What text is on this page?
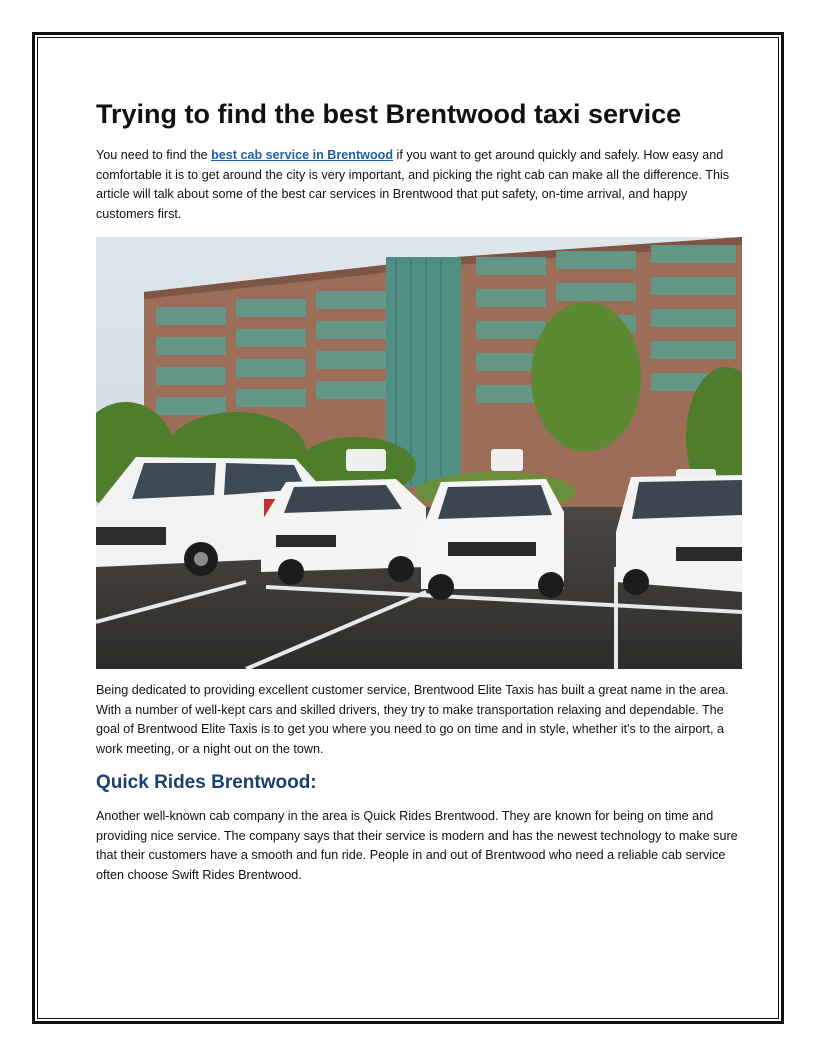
Trying to find the best Brentwood taxi service

You need to find the best cab service in Brentwood if you want to get around quickly and safely. How easy and comfortable it is to get around the city is very important, and picking the right cab can make all the difference. This article will talk about some of the best car services in Brentwood that put safety, on-time arrival, and happy customers first.

Being dedicated to providing excellent customer service, Brentwood Elite Taxis has built a great name in the area. With a number of well-kept cars and skilled drivers, they try to make transportation relaxing and dependable. The goal of Brentwood Elite Taxis is to get you where you need to go on time and in style, whether it's to the airport, a work meeting, or a night out on the town.

Quick Rides Brentwood:

Another well-known cab company in the area is Quick Rides Brentwood. They are known for being on time and providing nice service. The company says that their service is modern and has the newest technology to make sure that their customers have a smooth and fun ride. People in and out of Brentwood who need a reliable cab service often choose Swift Rides Brentwood.
